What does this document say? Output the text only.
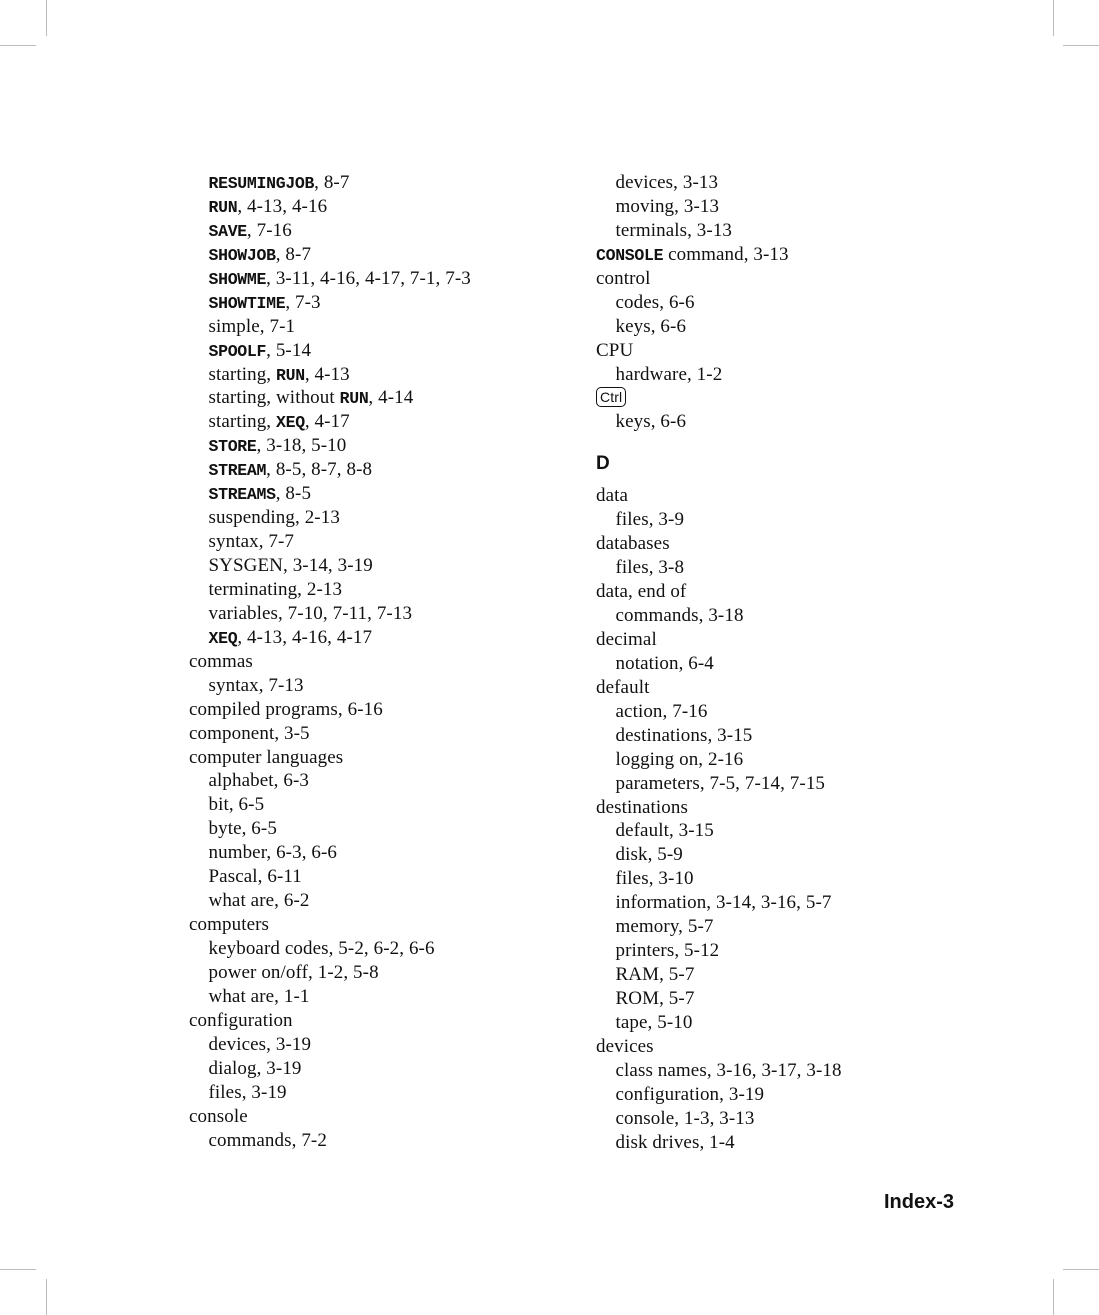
RESUMINGJOB, 8-7
RUN, 4-13, 4-16
SAVE, 7-16
SHOWJOB, 8-7
SHOWME, 3-11, 4-16, 4-17, 7-1, 7-3
SHOWTIME, 7-3
simple, 7-1
SPOOLF, 5-14
starting, RUN, 4-13
starting, without RUN, 4-14
starting, XEQ, 4-17
STORE, 3-18, 5-10
STREAM, 8-5, 8-7, 8-8
STREAMS, 8-5
suspending, 2-13
syntax, 7-7
SYSGEN, 3-14, 3-19
terminating, 2-13
variables, 7-10, 7-11, 7-13
XEQ, 4-13, 4-16, 4-17
commas
syntax, 7-13
compiled programs, 6-16
component, 3-5
computer languages
alphabet, 6-3
bit, 6-5
byte, 6-5
number, 6-3, 6-6
Pascal, 6-11
what are, 6-2
computers
keyboard codes, 5-2, 6-2, 6-6
power on/off, 1-2, 5-8
what are, 1-1
configuration
devices, 3-19
dialog, 3-19
files, 3-19
console
commands, 7-2
devices, 3-13
moving, 3-13
terminals, 3-13
CONSOLE command, 3-13
control
codes, 6-6
keys, 6-6
CPU
hardware, 1-2
Ctrl
keys, 6-6
D
data
files, 3-9
databases
files, 3-8
data, end of
commands, 3-18
decimal
notation, 6-4
default
action, 7-16
destinations, 3-15
logging on, 2-16
parameters, 7-5, 7-14, 7-15
destinations
default, 3-15
disk, 5-9
files, 3-10
information, 3-14, 3-16, 5-7
memory, 5-7
printers, 5-12
RAM, 5-7
ROM, 5-7
tape, 5-10
devices
class names, 3-16, 3-17, 3-18
configuration, 3-19
console, 1-3, 3-13
disk drives, 1-4
Index-3
